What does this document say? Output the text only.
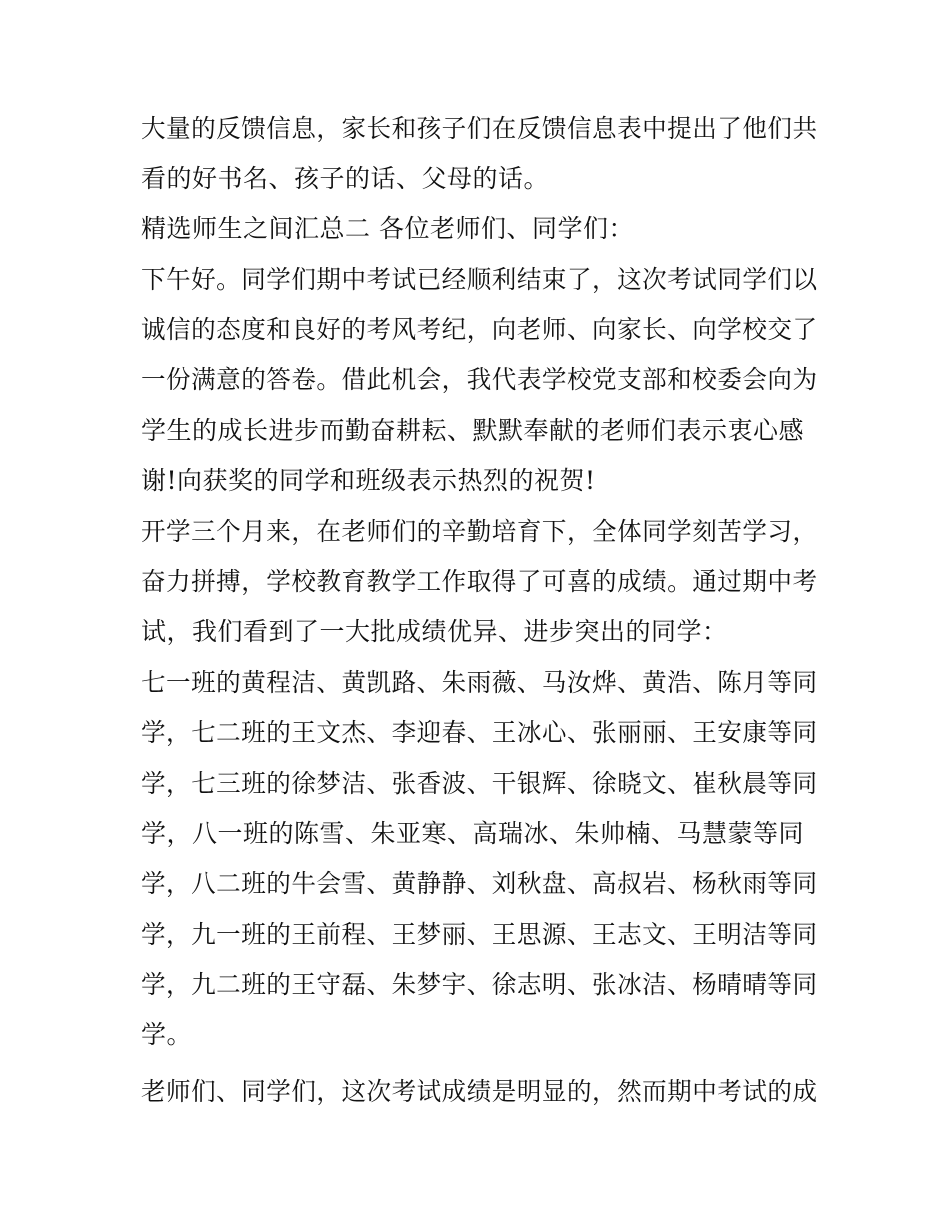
大量的反馈信息，家长和孩子们在反馈信息表中提出了他们共
看的好书名、孩子的话、父母的话。
精选师生之间汇总二 各位老师们、同学们：
下午好。同学们期中考试已经顺利结束了，这次考试同学们以
诚信的态度和良好的考风考纪，向老师、向家长、向学校交了
一份满意的答卷。借此机会，我代表学校党支部和校委会向为
学生的成长进步而勤奋耕耘、默默奉献的老师们表示衷心感
谢!向获奖的同学和班级表示热烈的祝贺!
开学三个月来，在老师们的辛勤培育下，全体同学刻苦学习，
奋力拼搏，学校教育教学工作取得了可喜的成绩。通过期中考
试，我们看到了一大批成绩优异、进步突出的同学：
七一班的黄程洁、黄凯路、朱雨薇、马汝烨、黄浩、陈月等同
学，七二班的王文杰、李迎春、王冰心、张丽丽、王安康等同
学，七三班的徐梦洁、张香波、干银辉、徐晓文、崔秋晨等同
学，八一班的陈雪、朱亚寒、高瑞冰、朱帅楠、马慧蒙等同
学，八二班的牛会雪、黄静静、刘秋盘、高叔岩、杨秋雨等同
学，九一班的王前程、王梦丽、王思源、王志文、王明洁等同
学，九二班的王守磊、朱梦宇、徐志明、张冰洁、杨晴晴等同
学。
老师们、同学们，这次考试成绩是明显的，然而期中考试的成
